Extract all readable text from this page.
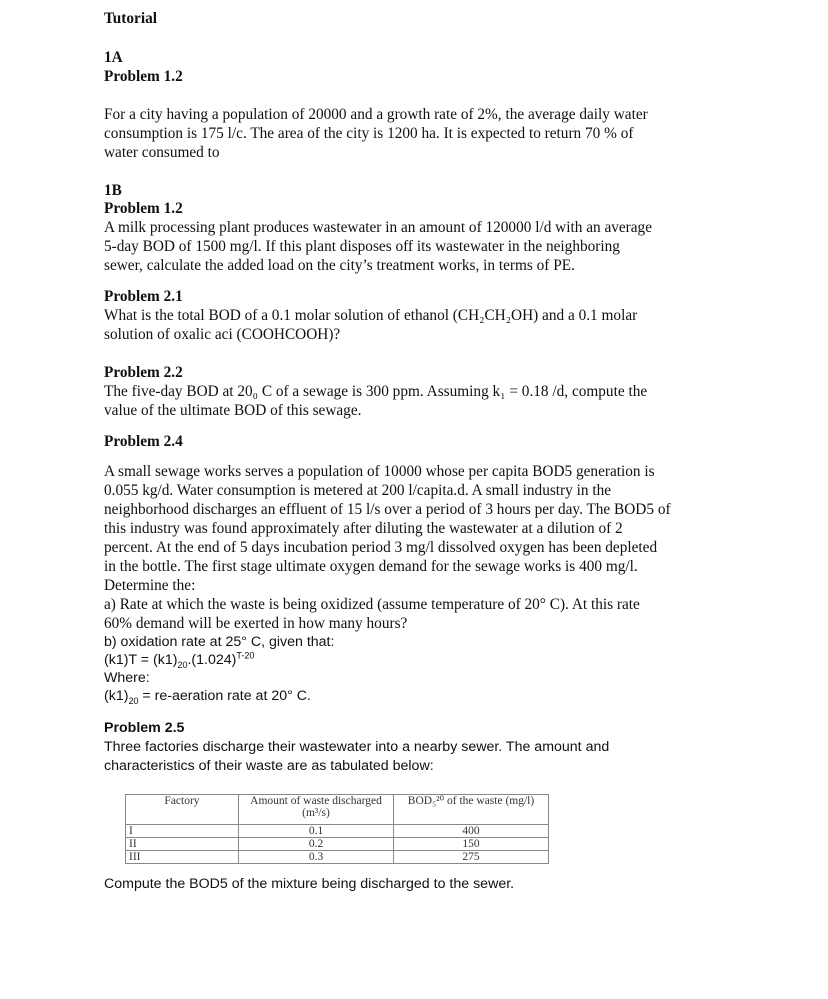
Tutorial
1A
Problem 1.2
For a city having a population of 20000 and a growth rate of 2%, the average daily water
consumption is 175 l/c. The area of the city is 1200 ha. It is expected to return 70 % of
water consumed to
1B
Problem 1.2
A milk processing plant produces wastewater in an amount of 120000 l/d with an average
5-day BOD of 1500 mg/l. If this plant disposes off its wastewater in the neighboring
sewer, calculate the added load on the city’s treatment works, in terms of PE.
Problem 2.1
What is the total BOD of a 0.1 molar solution of ethanol (CH₂CH₂OH) and a 0.1 molar
solution of oxalic aci (COOHCOOH)?
Problem 2.2
The five-day BOD at 20₀ C of a sewage is 300 ppm. Assuming k₁ = 0.18 /d, compute the
value of the ultimate BOD of this sewage.
Problem 2.4
A small sewage works serves a population of 10000 whose per capita BOD5 generation is
0.055 kg/d. Water consumption is metered at 200 l/capita.d. A small industry in the
neighborhood discharges an effluent of 15 l/s over a period of 3 hours per day. The BOD5 of
this industry was found approximately after diluting the wastewater at a dilution of 2
percent. At the end of 5 days incubation period 3 mg/l dissolved oxygen has been depleted
in the bottle. The first stage ultimate oxygen demand for the sewage works is 400 mg/l.
Determine the:
a) Rate at which the waste is being oxidized (assume temperature of 20° C). At this rate
60% demand will be exerted in how many hours?
b) oxidation rate at 25° C, given that:
$(k1)T = (k1)_{20}.(1.024)^{T-20}$
Where:
$(k1)_{20}$ = re-aeration rate at 20° C.
Problem 2.5
Three factories discharge their wastewater into a nearby sewer. The amount and
characteristics of their waste are as tabulated below:
Factory	Amount of waste discharged (m³/s)	BOD₅²⁰ of the waste (mg/l)
I	0.1	400
II	0.2	150
III	0.3	275
Compute the BOD5 of the mixture being discharged to the sewer.
